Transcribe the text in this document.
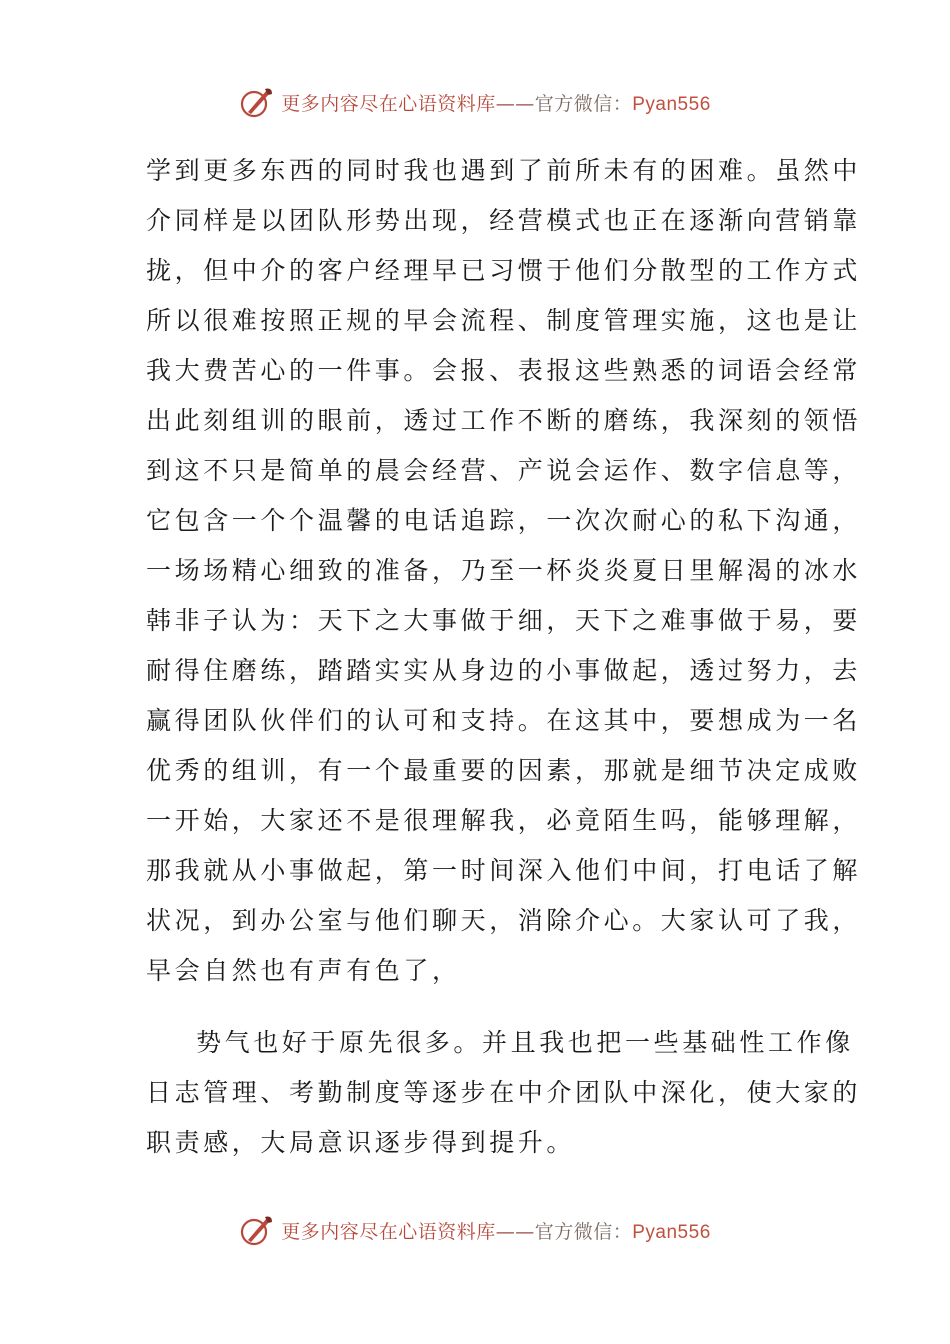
更多内容尽在心语资料库——官方微信：Pyan556

学到更多东西的同时我也遇到了前所未有的困难。虽然中
介同样是以团队形势出现，经营模式也正在逐渐向营销靠
拢，但中介的客户经理早已习惯于他们分散型的工作方式
所以很难按照正规的早会流程、制度管理实施，这也是让
我大费苦心的一件事。会报、表报这些熟悉的词语会经常
出此刻组训的眼前，透过工作不断的磨练，我深刻的领悟
到这不只是简单的晨会经营、产说会运作、数字信息等，
它包含一个个温馨的电话追踪，一次次耐心的私下沟通，
一场场精心细致的准备，乃至一杯炎炎夏日里解渴的冰水
韩非子认为：天下之大事做于细，天下之难事做于易，要
耐得住磨练，踏踏实实从身边的小事做起，透过努力，去
赢得团队伙伴们的认可和支持。在这其中，要想成为一名
优秀的组训，有一个最重要的因素，那就是细节决定成败
一开始，大家还不是很理解我，必竟陌生吗，能够理解，
那我就从小事做起，第一时间深入他们中间，打电话了解
状况，到办公室与他们聊天，消除介心。大家认可了我，
早会自然也有声有色了，

势气也好于原先很多。并且我也把一些基础性工作像
日志管理、考勤制度等逐步在中介团队中深化，使大家的
职责感，大局意识逐步得到提升。

更多内容尽在心语资料库——官方微信：Pyan556
